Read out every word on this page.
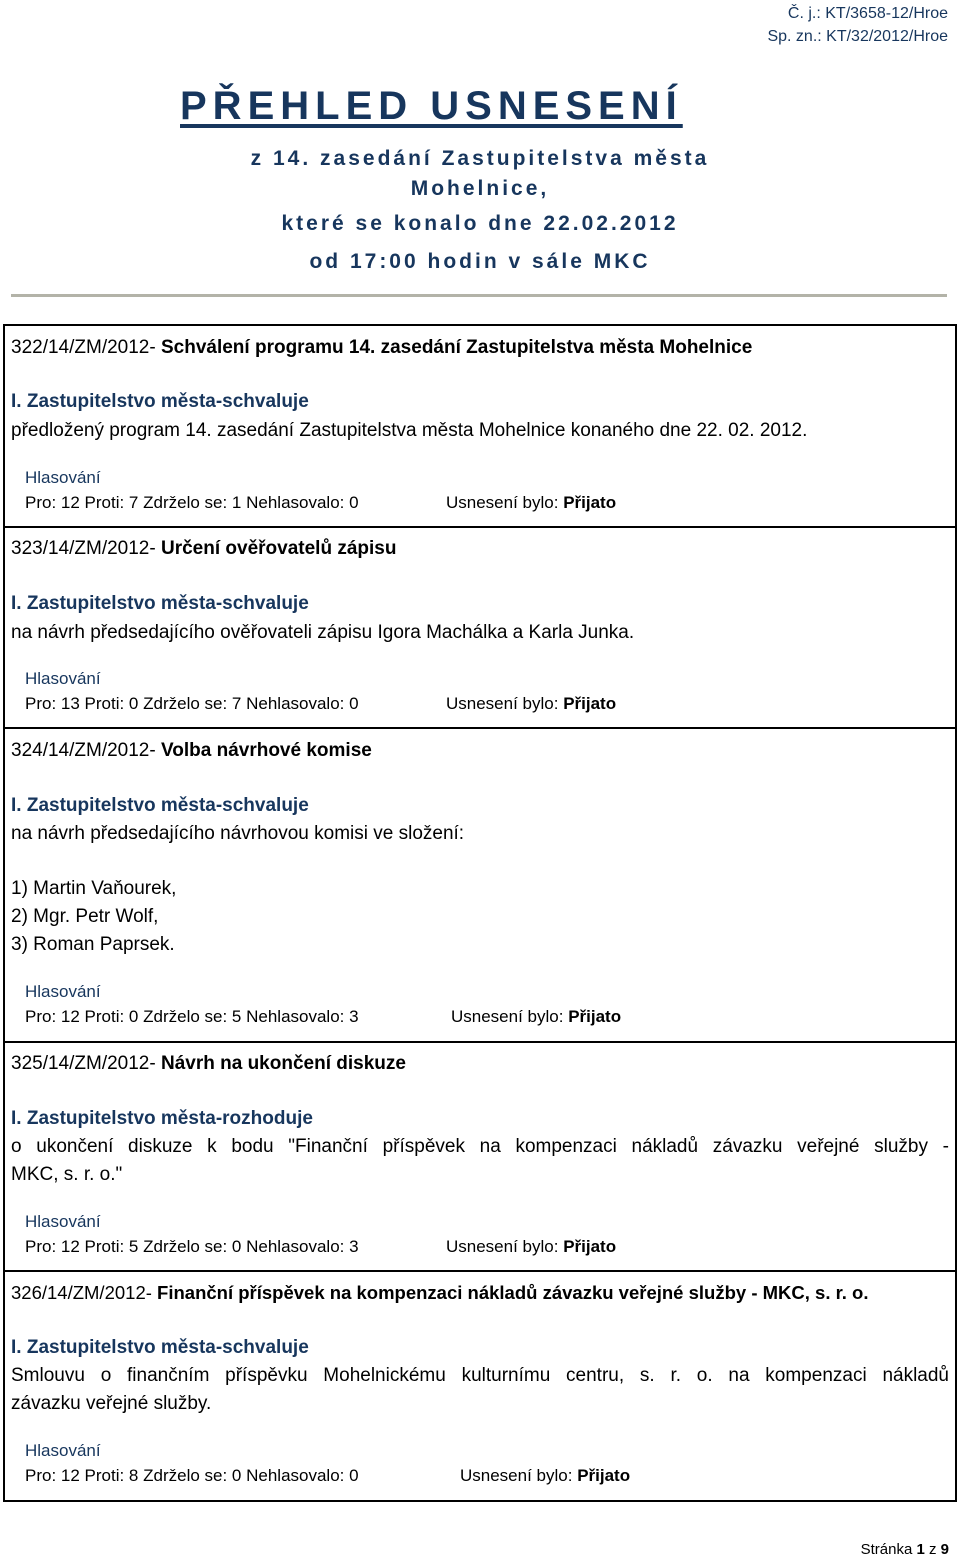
Č. j.: KT/3658-12/Hroe
Sp. zn.: KT/32/2012/Hroe
PŘEHLED USNESENÍ
z 14. zasedání Zastupitelstva města
Mohelnice,
které se konalo dne 22.02.2012
od 17:00 hodin v sále MKC
322/14/ZM/2012- Schválení programu 14. zasedání Zastupitelstva města Mohelnice
I. Zastupitelstvo města-schvaluje
předložený program 14. zasedání Zastupitelstva města Mohelnice konaného dne 22. 02. 2012.
Hlasování
Pro: 12 Proti: 7 Zdrželo se: 1 Nehlasovalo: 0	Usnesení bylo: Přijato
323/14/ZM/2012- Určení ověřovatelů zápisu
I. Zastupitelstvo města-schvaluje
na návrh předsedajícího ověřovateli zápisu Igora Machálka a Karla Junka.
Hlasování
Pro: 13 Proti: 0 Zdrželo se: 7 Nehlasovalo: 0	Usnesení bylo: Přijato
324/14/ZM/2012- Volba návrhové komise
I. Zastupitelstvo města-schvaluje
na návrh předsedajícího návrhovou komisi ve složení:
1) Martin Vaňourek,
2) Mgr. Petr Wolf,
3) Roman Paprsek.
Hlasování
Pro: 12 Proti: 0 Zdrželo se: 5 Nehlasovalo: 3	Usnesení bylo: Přijato
325/14/ZM/2012- Návrh na ukončení diskuze
I. Zastupitelstvo města-rozhoduje
o ukončení diskuze k bodu "Finanční příspěvek na kompenzaci nákladů závazku veřejné služby -
MKC, s. r. o."
Hlasování
Pro: 12 Proti: 5 Zdrželo se: 0 Nehlasovalo: 3	Usnesení bylo: Přijato
326/14/ZM/2012- Finanční příspěvek na kompenzaci nákladů závazku veřejné služby - MKC, s. r. o.
I. Zastupitelstvo města-schvaluje
Smlouvu o finančním příspěvku Mohelnickému kulturnímu centru, s. r. o. na kompenzaci nákladů
závazku veřejné služby.
Hlasování
Pro: 12 Proti: 8 Zdrželo se: 0 Nehlasovalo: 0	Usnesení bylo: Přijato
Stránka 1 z 9
